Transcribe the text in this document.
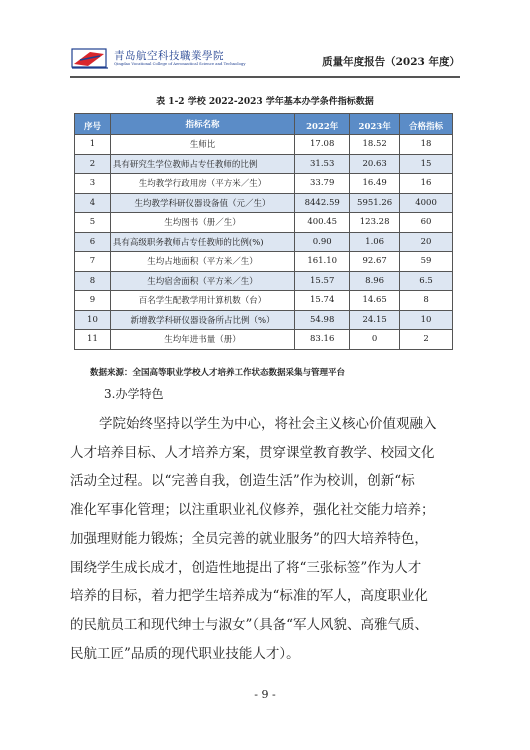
青岛航空科技職業學院
Qingdao Vocational College of Aeronautical Science and Technology	质量年度报告（2023 年度）
表 1-2 学校 2022-2023 学年基本办学条件指标数据
序号	指标名称	2022年	2023年	合格指标

1	生师比	17.08	18.52	18
2	具有研究生学位教师占专任教师的比例	31.53	20.63	15
3	生均教学行政用房（平方米／生）	33.79	16.49	16
4	生均教学科研仪器设备值（元／生）	8442.59	5951.26	4000
5	生均图书（册／生）	400.45	123.28	60
6	具有高级职务教师占专任教师的比例(%)	0.90	1.06	20
7	生均占地面积（平方米／生）	161.10	92.67	59
8	生均宿舍面积（平方米／生）	15.57	8.96	6.5
9	百名学生配教学用计算机数（台）	15.74	14.65	8
10	新增教学科研仪器设备所占比例（%）	54.98	24.15	10
11	生均年进书量（册）	83.16	0	2
数据来源：全国高等职业学校人才培养工作状态数据采集与管理平台
3.办学特色
学院始终坚持以学生为中心，将社会主义核心价值观融入
人才培养目标、人才培养方案，贯穿课堂教育教学、校园文化
活动全过程。以“完善自我，创造生活”作为校训，创新“标
准化军事化管理；以注重职业礼仪修养，强化社交能力培养；
加强理财能力锻炼；全员完善的就业服务”的四大培养特色，
围绕学生成长成才，创造性地提出了将“三张标签”作为人才
培养的目标，着力把学生培养成为“标准的军人，高度职业化
的民航员工和现代绅士与淑女”（具备“军人风貌、高雅气质、
民航工匠”品质的现代职业技能人才）。
- 9 -
